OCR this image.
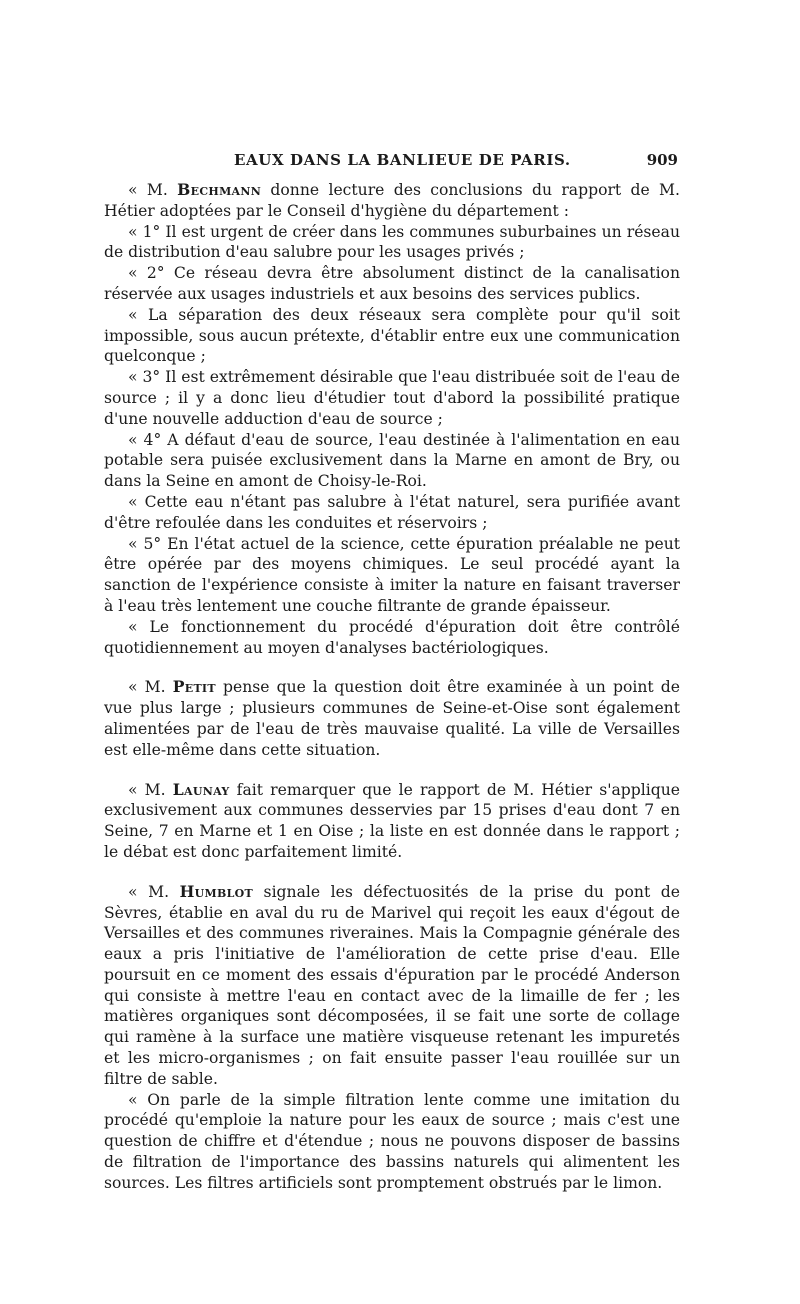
EAUX DANS LA BANLIEUE DE PARIS.	909

« M. Bechmann donne lecture des conclusions du rapport de M. Hétier adoptées par le Conseil d'hygiène du département :

« 1° Il est urgent de créer dans les communes suburbaines un réseau de distribution d'eau salubre pour les usages privés ;

« 2° Ce réseau devra être absolument distinct de la canalisation réservée aux usages industriels et aux besoins des services publics.

« La séparation des deux réseaux sera complète pour qu'il soit impossible, sous aucun prétexte, d'établir entre eux une communication quelconque ;

« 3° Il est extrêmement désirable que l'eau distribuée soit de l'eau de source ; il y a donc lieu d'étudier tout d'abord la possibilité pratique d'une nouvelle adduction d'eau de source ;

« 4° A défaut d'eau de source, l'eau destinée à l'alimentation en eau potable sera puisée exclusivement dans la Marne en amont de Bry, ou dans la Seine en amont de Choisy-le-Roi.

« Cette eau n'étant pas salubre à l'état naturel, sera purifiée avant d'être refoulée dans les conduites et réservoirs ;

« 5° En l'état actuel de la science, cette épuration préalable ne peut être opérée par des moyens chimiques. Le seul procédé ayant la sanction de l'expérience consiste à imiter la nature en faisant traverser à l'eau très lentement une couche filtrante de grande épaisseur.

« Le fonctionnement du procédé d'épuration doit être contrôlé quotidiennement au moyen d'analyses bactériologiques.

« M. Petit pense que la question doit être examinée à un point de vue plus large ; plusieurs communes de Seine-et-Oise sont également alimentées par de l'eau de très mauvaise qualité. La ville de Versailles est elle-même dans cette situation.

« M. Launay fait remarquer que le rapport de M. Hétier s'applique exclusivement aux communes desservies par 15 prises d'eau dont 7 en Seine, 7 en Marne et 1 en Oise ; la liste en est donnée dans le rapport ; le débat est donc parfaitement limité.

« M. Humblot signale les défectuosités de la prise du pont de Sèvres, établie en aval du ru de Marivel qui reçoit les eaux d'égout de Versailles et des communes riveraines. Mais la Compagnie générale des eaux a pris l'initiative de l'amélioration de cette prise d'eau. Elle poursuit en ce moment des essais d'épuration par le procédé Anderson qui consiste à mettre l'eau en contact avec de la limaille de fer ; les matières organiques sont décomposées, il se fait une sorte de collage qui ramène à la surface une matière visqueuse retenant les impuretés et les micro-organismes ; on fait ensuite passer l'eau rouillée sur un filtre de sable.

« On parle de la simple filtration lente comme une imitation du procédé qu'emploie la nature pour les eaux de source ; mais c'est une question de chiffre et d'étendue ; nous ne pouvons disposer de bassins de filtration de l'importance des bassins naturels qui alimentent les sources. Les filtres artificiels sont promptement obstrués par le limon.
